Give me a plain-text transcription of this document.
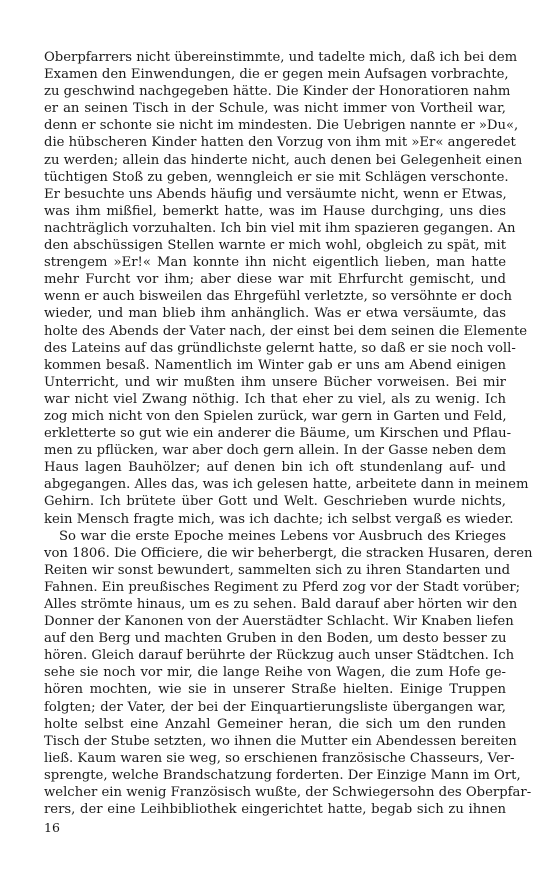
Oberpfarrers nicht übereinstimmte, und tadelte mich, daß ich bei dem
Examen den Einwendungen, die er gegen mein Aufsagen vorbrachte,
zu geschwind nachgegeben hätte. Die Kinder der Honoratioren nahm
er an seinen Tisch in der Schule, was nicht immer von Vortheil war,
denn er schonte sie nicht im mindesten. Die Uebrigen nannte er »Du«,
die hübscheren Kinder hatten den Vorzug von ihm mit »Er« angeredet
zu werden; allein das hinderte nicht, auch denen bei Gelegenheit einen
tüchtigen Stoß zu geben, wenngleich er sie mit Schlägen verschonte.
Er besuchte uns Abends häufig und versäumte nicht, wenn er Etwas,
was ihm mißfiel, bemerkt hatte, was im Hause durchging, uns dies
nachträglich vorzuhalten. Ich bin viel mit ihm spazieren gegangen. An
den abschüssigen Stellen warnte er mich wohl, obgleich zu spät, mit
strengem »Er!« Man konnte ihn nicht eigentlich lieben, man hatte
mehr Furcht vor ihm; aber diese war mit Ehrfurcht gemischt, und
wenn er auch bisweilen das Ehrgefühl verletzte, so versöhnte er doch
wieder, und man blieb ihm anhänglich. Was er etwa versäumte, das
holte des Abends der Vater nach, der einst bei dem seinen die Elemente
des Lateins auf das gründlichste gelernt hatte, so daß er sie noch voll-
kommen besaß. Namentlich im Winter gab er uns am Abend einigen
Unterricht, und wir mußten ihm unsere Bücher vorweisen. Bei mir
war nicht viel Zwang nöthig. Ich that eher zu viel, als zu wenig. Ich
zog mich nicht von den Spielen zurück, war gern in Garten und Feld,
erkletterte so gut wie ein anderer die Bäume, um Kirschen und Pflau-
men zu pflücken, war aber doch gern allein. In der Gasse neben dem
Haus lagen Bauhölzer; auf denen bin ich oft stundenlang auf- und
abgegangen. Alles das, was ich gelesen hatte, arbeitete dann in meinem
Gehirn. Ich brütete über Gott und Welt. Geschrieben wurde nichts,
kein Mensch fragte mich, was ich dachte; ich selbst vergaß es wieder.
So war die erste Epoche meines Lebens vor Ausbruch des Krieges
von 1806. Die Officiere, die wir beherbergt, die stracken Husaren, deren
Reiten wir sonst bewundert, sammelten sich zu ihren Standarten und
Fahnen. Ein preußisches Regiment zu Pferd zog vor der Stadt vorüber;
Alles strömte hinaus, um es zu sehen. Bald darauf aber hörten wir den
Donner der Kanonen von der Auerstädter Schlacht. Wir Knaben liefen
auf den Berg und machten Gruben in den Boden, um desto besser zu
hören. Gleich darauf berührte der Rückzug auch unser Städtchen. Ich
sehe sie noch vor mir, die lange Reihe von Wagen, die zum Hofe ge-
hören mochten, wie sie in unserer Straße hielten. Einige Truppen
folgten; der Vater, der bei der Einquartierungsliste übergangen war,
holte selbst eine Anzahl Gemeiner heran, die sich um den runden
Tisch der Stube setzten, wo ihnen die Mutter ein Abendessen bereiten
ließ. Kaum waren sie weg, so erschienen französische Chasseurs, Ver-
sprengte, welche Brandschatzung forderten. Der Einzige Mann im Ort,
welcher ein wenig Französisch wußte, der Schwiegersohn des Oberpfar-
rers, der eine Leihbibliothek eingerichtet hatte, begab sich zu ihnen
16
